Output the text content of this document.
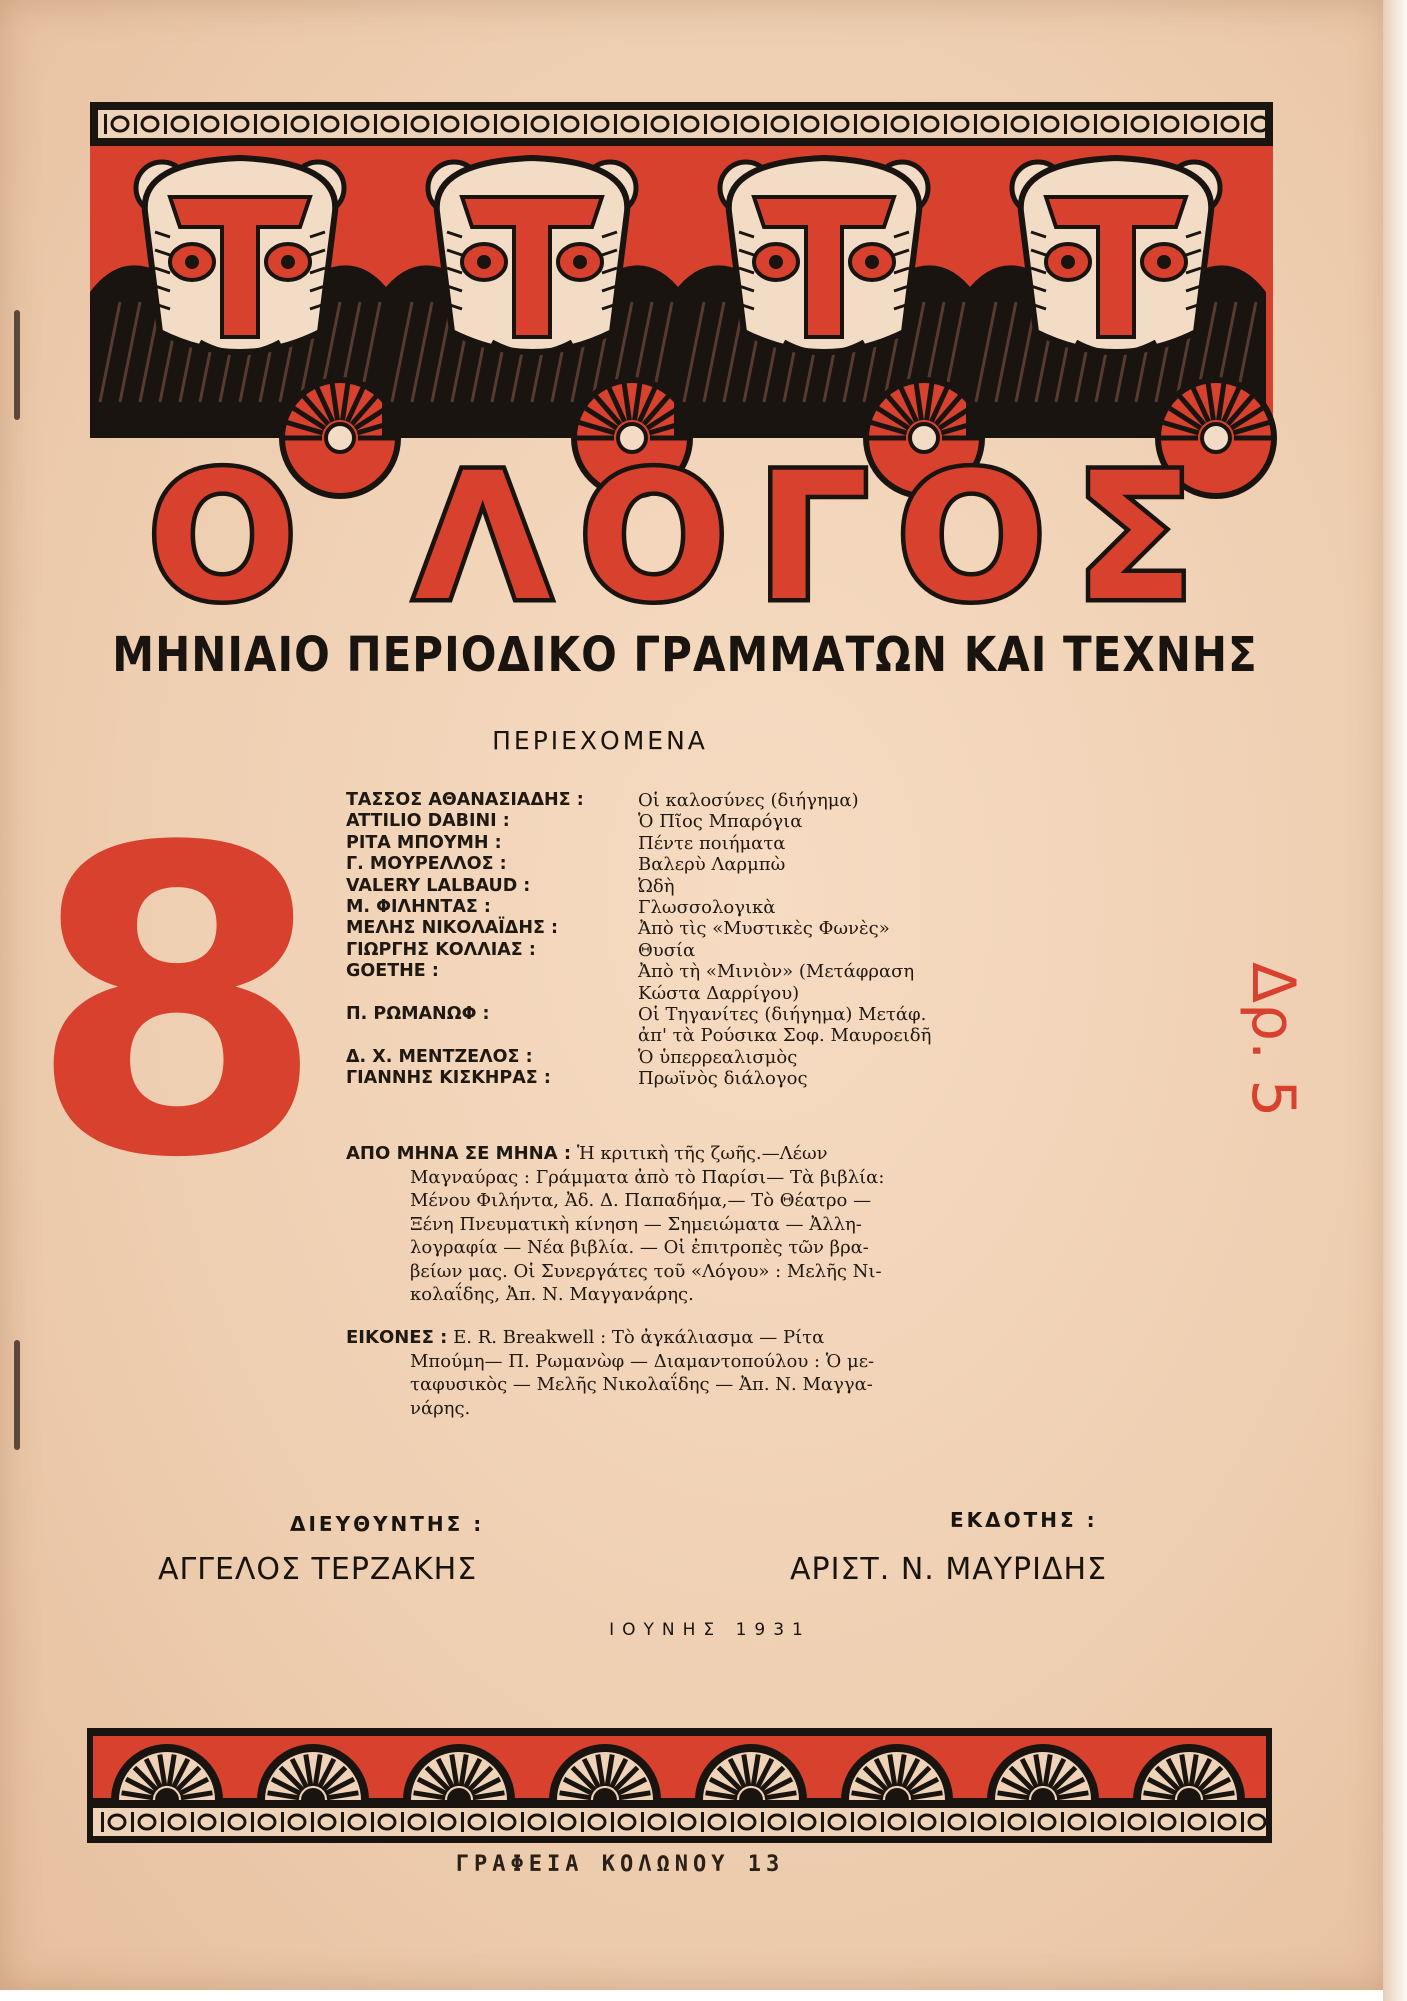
Ο ΛΟΓΟΣ
ΜΗΝΙΑΙΟ ΠΕΡΙΟΔΙΚΟ ΓΡΑΜΜΑΤΩΝ ΚΑΙ ΤΕΧΝΗΣ
ΠΕΡΙΕΧΟΜΕΝΑ
ΤΑΣΣΟΣ ΑΘΑΝΑΣΙΑΔΗΣ :	Οἱ καλοσύνες (διήγημα)
ATTILIO DABINI :	Ὁ Πῖος Μπαρόγια
ΡΙΤΑ ΜΠΟΥΜΗ :	Πέντε ποιήματα
Γ. ΜΟΥΡΕΛΛΟΣ :	Βαλερὺ Λαρμπὼ
VALERY LALBAUD :	Ὠδὴ
Μ. ΦΙΛΗΝΤΑΣ :	Γλωσσολογικὰ
ΜΕΛΗΣ ΝΙΚΟΛΑΪΔΗΣ :	Ἀπὸ τὶς «Μυστικὲς Φωνὲς»
ΓΙΩΡΓΗΣ ΚΟΛΛΙΑΣ :	Θυσία
GOETHE :	Ἀπὸ τὴ «Μινιὸν» (Μετάφραση
Κώστα Δαρρίγου)
Π. ΡΩΜΑΝΩΦ :	Οἱ Τηγανίτες (διήγημα) Μετάφ.
ἀπ' τὰ Ρούσικα Σοφ. Μαυροειδῆ
Δ. Χ. ΜΕΝΤΖΕΛΟΣ :	Ὁ ὑπερρεαλισμὸς
ΓΙΑΝΝΗΣ ΚΙΣΚΗΡΑΣ :	Πρωϊνὸς διάλογος
ΑΠΟ ΜΗΝΑ ΣΕ ΜΗΝΑ : Ἡ κριτικὴ τῆς ζωῆς.—Λέων
Μαγναύρας : Γράμματα ἀπὸ τὸ Παρίσι— Τὰ βιβλία:
Μένου Φιλήντα, Ἀδ. Δ. Παπαδήμα,— Τὸ Θέατρο —
Ξένη Πνευματικὴ κίνηση — Σημειώματα — Ἀλλη-
λογραφία — Νέα βιβλία. — Οἱ ἐπιτροπὲς τῶν βρα-
βείων μας. Οἱ Συνεργάτες τοῦ «Λόγου» : Μελῆς Νι-
κολαΐδης, Ἀπ. Ν. Μαγγανάρης.
ΕΙΚΟΝΕΣ : E. R. Breakwell : Τὸ ἀγκάλιασμα — Ρίτα
Μπούμη— Π. Ρωμανὼφ — Διαμαντοπούλου : Ὁ με-
ταφυσικὸς — Μελῆς Νικολαΐδης — Ἀπ. Ν. Μαγγα-
νάρης.
8	Δρ. 5
ΔΙΕΥΘΥΝΤΗΣ :
ΑΓΓΕΛΟΣ ΤΕΡΖΑΚΗΣ
ΕΚΔΟΤΗΣ :
ΑΡΙΣΤ. Ν. ΜΑΥΡΙΔΗΣ
ΙΟΥΝΗΣ 1931
ΓΡΑΦΕΙΑ ΚΟΛΩΝΟΥ 13
